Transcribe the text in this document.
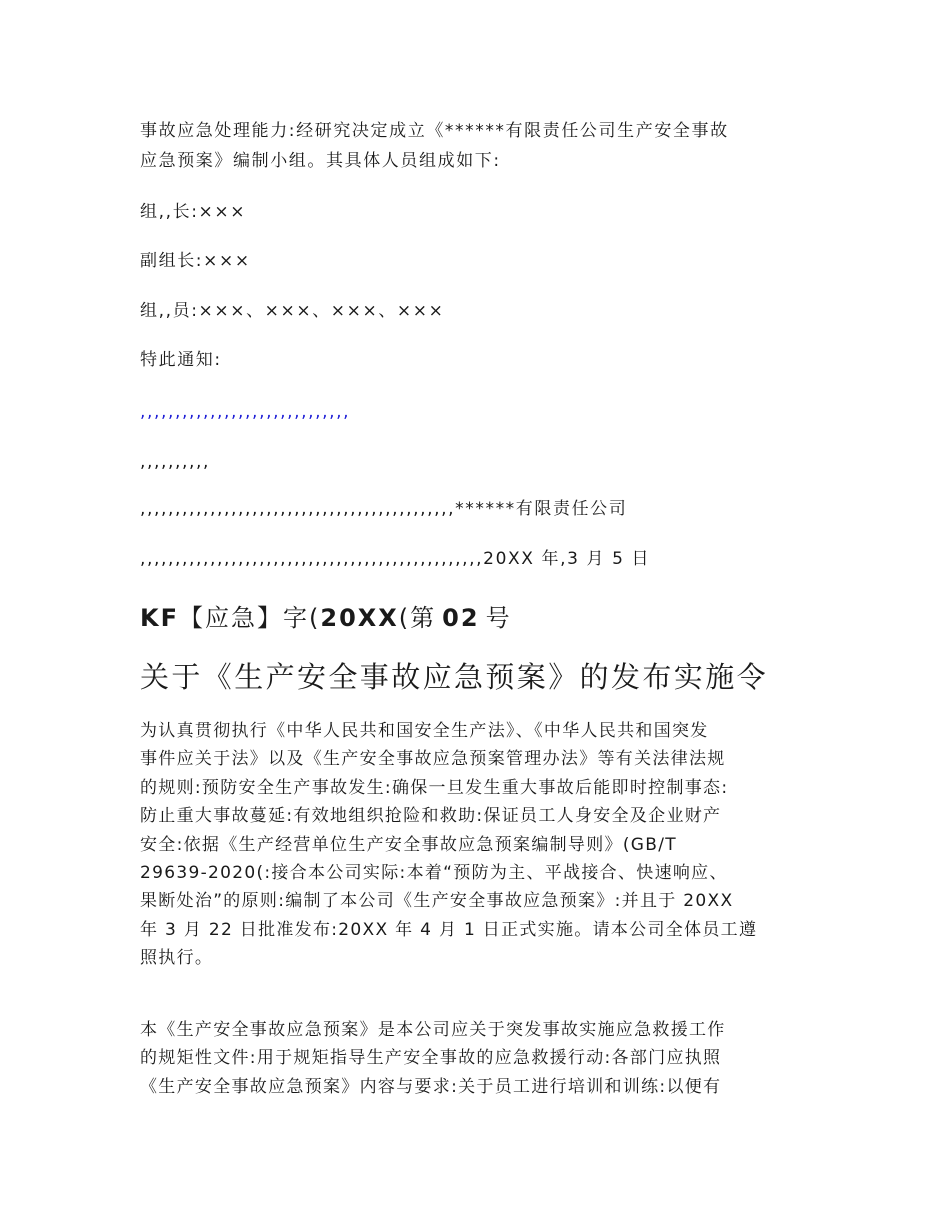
事故应急处理能力:经研究决定成立《******有限责任公司生产安全事故
应急预案》编制小组。其具体人员组成如下:
组,,长:×××
副组长:×××
组,,员:×××、×××、×××、×××
特此通知:
,,,,,,,,,,,,,,,,,,,,,,,,,,,,,,
,,,,,,,,,,
,,,,,,,,,,,,,,,,,,,,,,,,,,,,,,,,,,,,,,,,,,,,,******有限责任公司
,,,,,,,,,,,,,,,,,,,,,,,,,,,,,,,,,,,,,,,,,,,,,,,,,20XX 年,3 月 5 日
KF【应急】字(20XX(第 02 号
关于《生产安全事故应急预案》的发布实施令
为认真贯彻执行《中华人民共和国安全生产法》、《中华人民共和国突发
事件应关于法》以及《生产安全事故应急预案管理办法》等有关法律法规
的规则:预防安全生产事故发生:确保一旦发生重大事故后能即时控制事态:
防止重大事故蔓延:有效地组织抢险和救助:保证员工人身安全及企业财产
安全:依据《生产经营单位生产安全事故应急预案编制导则》(GB/T
29639-2020(:接合本公司实际:本着“预防为主、平战接合、快速响应、
果断处治”的原则:编制了本公司《生产安全事故应急预案》:并且于 20XX
年 3 月 22 日批准发布:20XX 年 4 月 1 日正式实施。请本公司全体员工遵
照执行。
本《生产安全事故应急预案》是本公司应关于突发事故实施应急救援工作
的规矩性文件:用于规矩指导生产安全事故的应急救援行动:各部门应执照
《生产安全事故应急预案》内容与要求:关于员工进行培训和训练:以便有
